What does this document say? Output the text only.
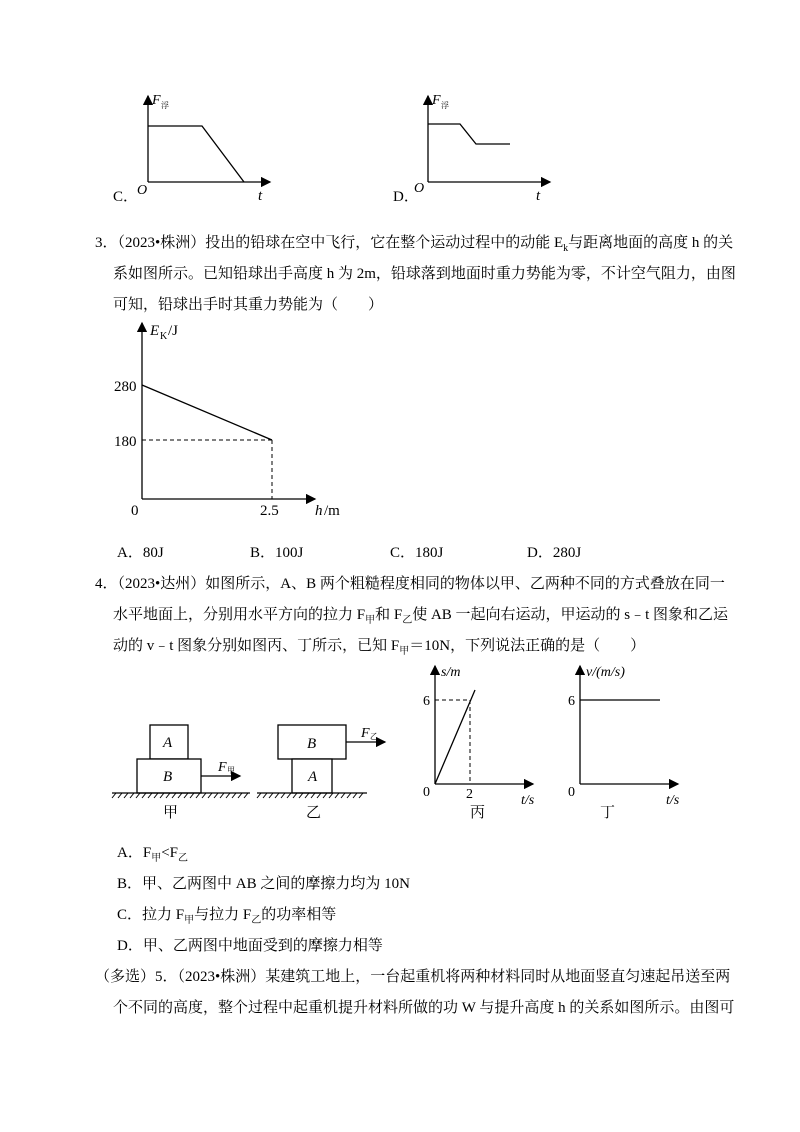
F 浮
O	t
C．
F 浮
O	t
D．
3．（2023•株洲）投出的铅球在空中飞行，它在整个运动过程中的动能 $E_k$与距离地面的高度 h 的关
系如图所示。已知铅球出手高度 h 为 2m，铅球落到地面时重力势能为零，不计空气阻力，由图
可知，铅球出手时其重力势能为（　　）
E K /J
280
180
0	2.5 h /m
A．80J	B．100J	C．180J	D．280J
4．（2023•达州）如图所示，A、B 两个粗糙程度相同的物体以甲、乙两种不同的方式叠放在同一
水平地面上，分别用水平方向的拉力 $F_甲$和 $F_乙$使 AB 一起向右运动，甲运动的 s﹣t 图象和乙运
动的 v﹣t 图象分别如图丙、丁所示，已知 $F_甲=10N$，下列说法正确的是（　　）
A
B
F 甲
甲
B
A
F 乙
乙
s/m
6
0	2	t/s
丙
v/(m/s)
6
0
t/s
丁
A．$F_甲<F_乙$
B．甲、乙两图中 AB 之间的摩擦力均为 10N
C．拉力 $F_甲$与拉力 $F_乙$的功率相等
D．甲、乙两图中地面受到的摩擦力相等
（多选）5．（2023•株洲）某建筑工地上，一台起重机将两种材料同时从地面竖直匀速起吊送至两
个不同的高度，整个过程中起重机提升材料所做的功 W 与提升高度 h 的关系如图所示。由图可
